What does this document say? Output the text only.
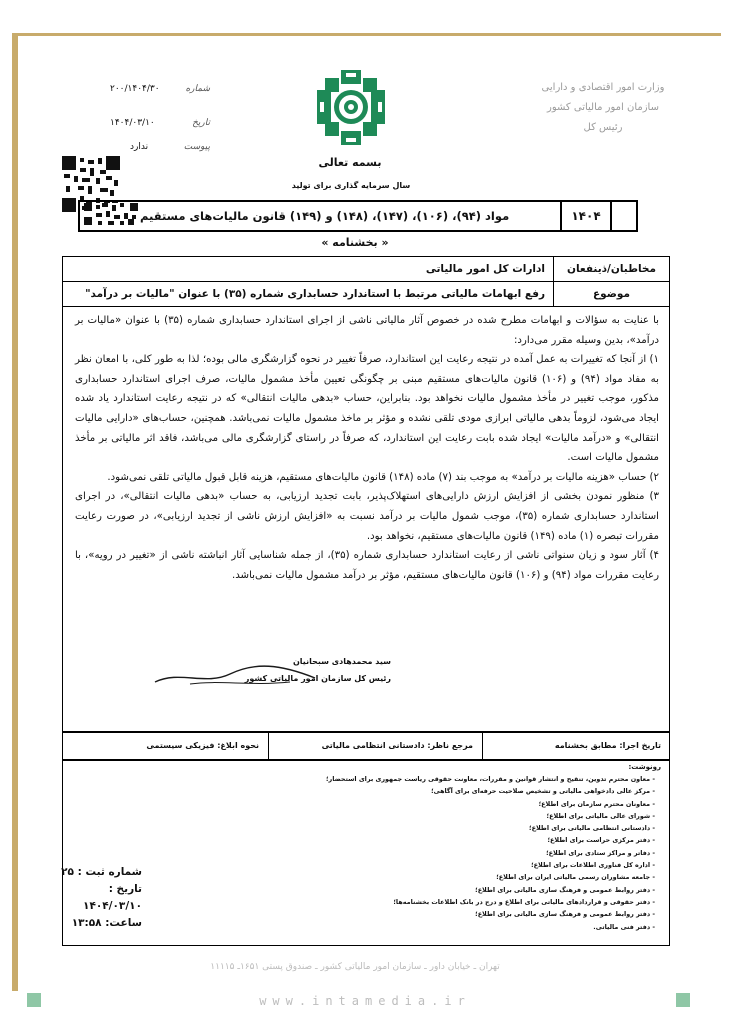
وزارت امور اقتصادی و دارایی
سازمان امور مالیاتی کشور
رئیس کل
بسمه تعالی
سال سرمایه گذاری برای تولید
شماره
۲۰۰/۱۴۰۴/۳۰
تاریخ
۱۴۰۴/۰۳/۱۰
پیوست
ندارد
۱۴۰۴
مواد (۹۴)، (۱۰۶)، (۱۴۷)، (۱۴۸) و (۱۴۹) قانون مالیات‌های مستقیم
« بخشنامه »
مخاطبان/ذینفعان
ادارات کل امور مالیاتی
موضوع
رفع ابهامات مالیاتی مرتبط با استاندارد حسابداری شماره (۳۵) با عنوان "مالیات بر درآمد"

با عنایت به سؤالات و ابهامات مطرح شده در خصوص آثار مالیاتی ناشی از اجرای استاندارد حسابداری شماره (۳۵) با عنوان «مالیات بر درآمد»، بدین وسیله مقرر می‌دارد:

۱) از آنجا که تغییرات به عمل آمده در نتیجه رعایت این استاندارد، صرفاً تغییر در نحوه گزارشگری مالی بوده؛ لذا به طور کلی، با امعان نظر به مفاد مواد (۹۴) و (۱۰۶) قانون مالیات‌های مستقیم مبنی بر چگونگی تعیین مأخذ مشمول مالیات، صرف اجرای استاندارد حسابداری مذکور، موجب تغییر در مأخذ مشمول مالیات نخواهد بود. بنابراین، حساب «بدهی مالیات انتقالی» که در نتیجه رعایت استاندارد یاد شده ایجاد می‌شود، لزوماً بدهی مالیاتی ابرازی مودی تلقی نشده و مؤثر بر ماخذ مشمول مالیات نمی‌باشد. همچنین، حساب‌های «دارایی مالیات انتقالی» و «درآمد مالیات» ایجاد شده بابت رعایت این استاندارد، که صرفاً در راستای گزارشگری مالی می‌باشد، فاقد اثر مالیاتی بر مأخذ مشمول مالیات است.

۲) حساب «هزینه مالیات بر درآمد» به موجب بند (۷) ماده (۱۴۸) قانون مالیات‌های مستقیم، هزینه قابل قبول مالیاتی تلقی نمی‌شود.

۳) منظور نمودن بخشی از افزایش ارزش دارایی‌های استهلاک‌پذیر، بابت تجدید ارزیابی، به حساب «بدهی مالیات انتقالی»، در اجرای استاندارد حسابداری شماره (۳۵)، موجب شمول مالیات بر درآمد نسبت به «افزایش ارزش ناشی از تجدید ارزیابی»، در صورت رعایت مقررات تبصره (۱) ماده (۱۴۹) قانون مالیات‌های مستقیم، نخواهد بود.

۴) آثار سود و زیان سنواتی ناشی از رعایت استاندارد حسابداری شماره (۳۵)، از جمله شناسایی آثار انباشته ناشی از «تغییر در رویه»، با رعایت مقررات مواد (۹۴) و (۱۰۶) قانون مالیات‌های مستقیم، مؤثر بر درآمد مشمول مالیات نمی‌باشد.

سید محمدهادی سبحانیان
رئیس کل سازمان امور مالیاتی کشور
تاریخ اجرا: مطابق بخشنامه
مرجع ناظر: دادستانی انتظامی مالیاتی
نحوه ابلاغ: فیزیکی سیستمی
رونوشت:
- معاون محترم تدوین، تنقیح و انتشار قوانین و مقررات، معاونت حقوقی ریاست جمهوری برای استحضار؛
- مرکز عالی دادخواهی مالیاتی و تشخیص صلاحیت حرفه‌ای برای آگاهی؛
- معاونان محترم سازمان برای اطلاع؛
- شورای عالی مالیاتی برای اطلاع؛
- دادستانی انتظامی مالیاتی برای اطلاع؛
- دفتر مرکزی حراست برای اطلاع؛
- دفاتر و مراکز ستادی برای اطلاع؛
- اداره کل فناوری اطلاعات برای اطلاع؛
- جامعه مشاوران رسمی مالیاتی ایران برای اطلاع؛
- دفتر روابط عمومی و فرهنگ سازی مالیاتی برای اطلاع؛
- دفتر حقوقی و قراردادهای مالیاتی برای اطلاع و درج در بانک اطلاعات بخشنامه‌ها؛
- دفتر روابط عمومی و فرهنگ سازی مالیاتی برای اطلاع؛
- دفتر فنی مالیاتی.
شماره ثبت : ۲۵
تاریخ : ۱۴۰۴/۰۳/۱۰
ساعت: ۱۳:۵۸
تهران ـ خیابان داور ـ سازمان امور مالیاتی کشور ـ صندوق پستی ۱۶۵۱ـ ۱۱۱۱۵
www.intamedia.ir
